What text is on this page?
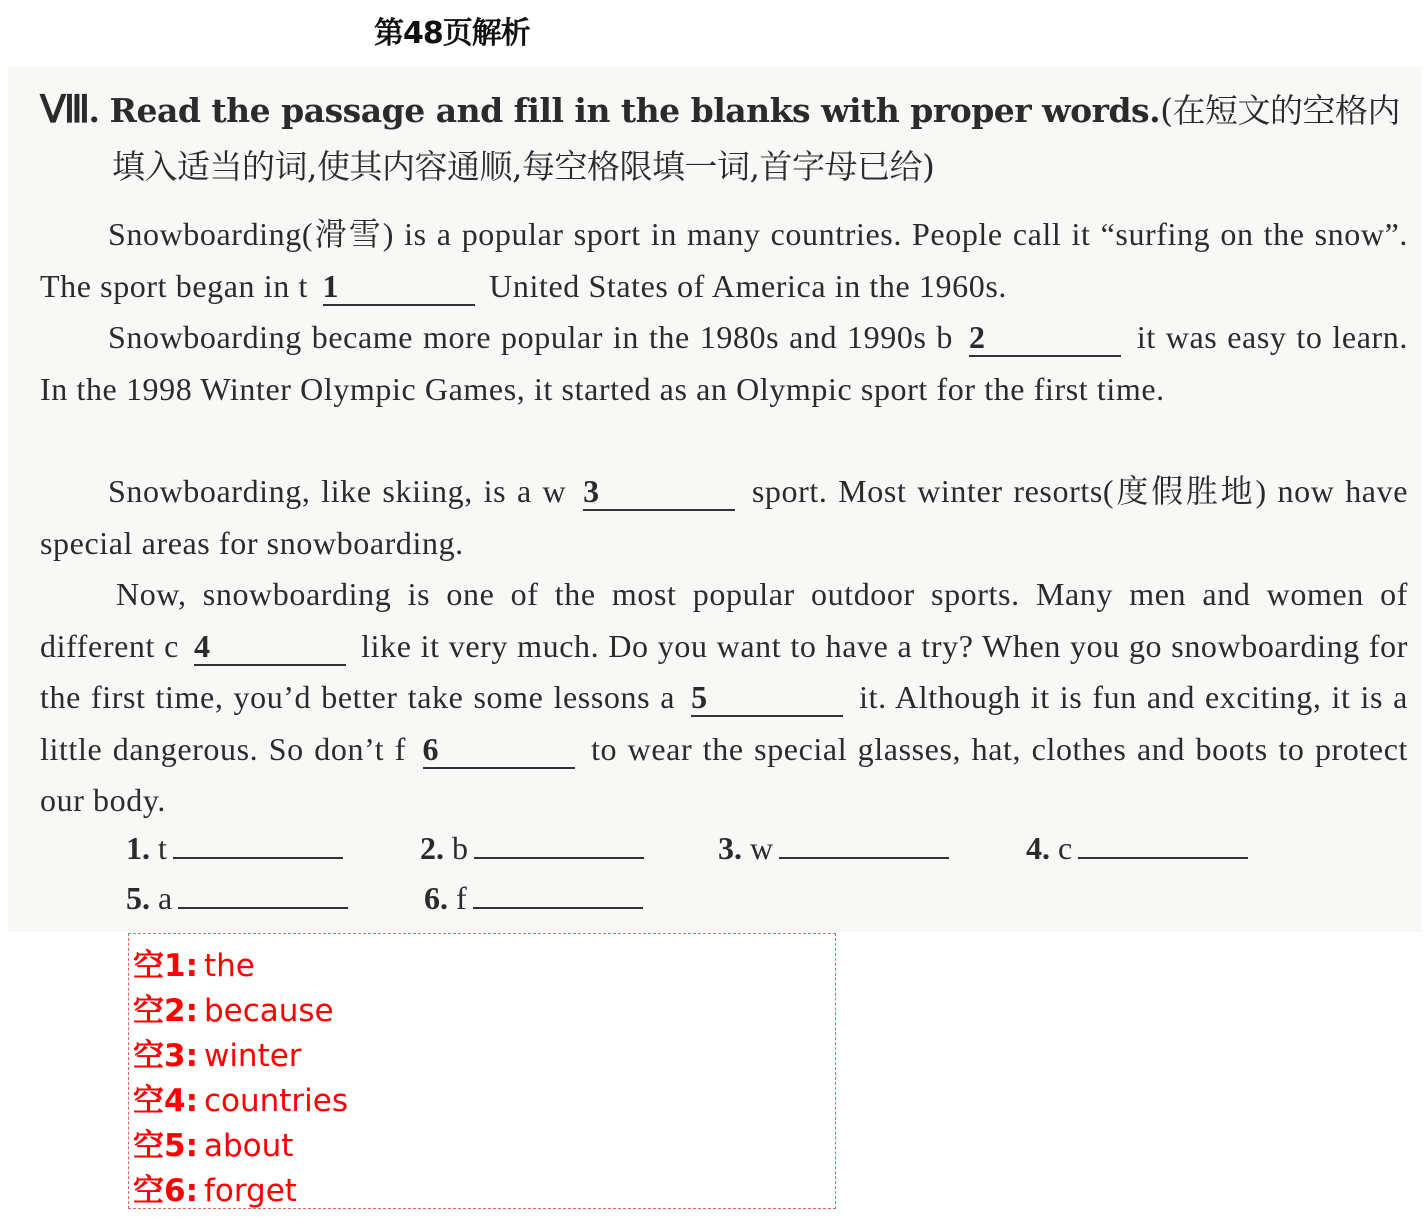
第48页解析
Ⅷ. Read the passage and fill in the blanks with proper words.(在短文的空格内
填入适当的词,使其内容通顺,每空格限填一词,首字母已给)
Snowboarding(滑雪) is a popular sport in many countries. People call it “surfing on the snow”. The sport began in t 1	United States of America in the 1960s.
Snowboarding became more popular in the 1980s and 1990s b 2	it was easy to learn. In the 1998 Winter Olympic Games, it started as an Olympic sport for the first time.
Snowboarding, like skiing, is a w 3	sport. Most winter resorts(度假胜地) now have special areas for snowboarding.
Now, snowboarding is one of the most popular outdoor sports. Many men and women of different c 4	like it very much. Do you want to have a try? When you go snowboarding for the first time, you’d better take some lessons a 5	it. Although it is fun and exciting, it is a little dangerous. So don’t f 6	to wear the special glasses, hat, clothes and boots to protect our body.
1. t	2. b	3. w	4. c
5. a	6. f
空1: the
空2: because
空3: winter
空4: countries
空5: about
空6: forget
